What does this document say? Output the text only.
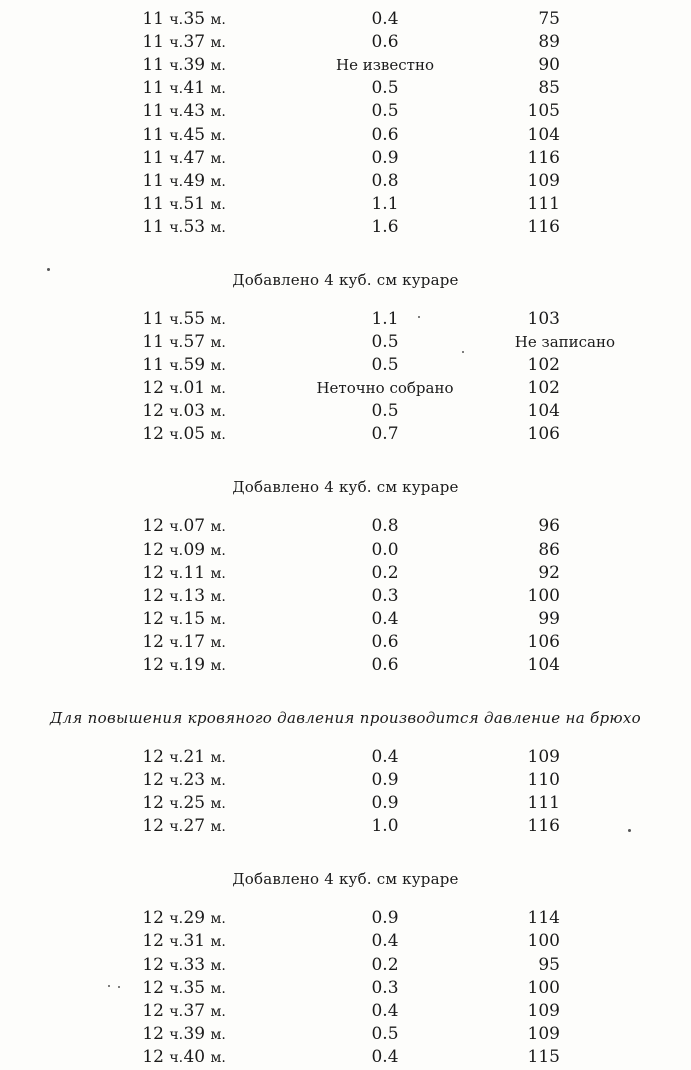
11 ч.35 м.	0.4	75
11 ч.37 м.	0.6	89
11 ч.39 м.	Не известно	90
11 ч.41 м.	0.5	85
11 ч.43 м.	0.5	105
11 ч.45 м.	0.6	104
11 ч.47 м.	0.9	116
11 ч.49 м.	0.8	109
11 ч.51 м.	1.1	111
11 ч.53 м.	1.6	116
Добавлено 4 куб. см кураре
11 ч.55 м.	1.1	103
11 ч.57 м.	0.5	Не записано
11 ч.59 м.	0.5	102
12 ч.01 м.	Неточно собрано	102
12 ч.03 м.	0.5	104
12 ч.05 м.	0.7	106
Добавлено 4 куб. см кураре
12 ч.07 м.	0.8	96
12 ч.09 м.	0.0	86
12 ч.11 м.	0.2	92
12 ч.13 м.	0.3	100
12 ч.15 м.	0.4	99
12 ч.17 м.	0.6	106
12 ч.19 м.	0.6	104
Для повышения кровяного давления производится давление на брюхо
12 ч.21 м.	0.4	109
12 ч.23 м.	0.9	110
12 ч.25 м.	0.9	111
12 ч.27 м.	1.0	116
Добавлено 4 куб. см кураре
12 ч.29 м.	0.9	114
12 ч.31 м.	0.4	100
12 ч.33 м.	0.2	95
12 ч.35 м.	0.3	100
12 ч.37 м.	0.4	109
12 ч.39 м.	0.5	109
12 ч.40 м.	0.4	115
